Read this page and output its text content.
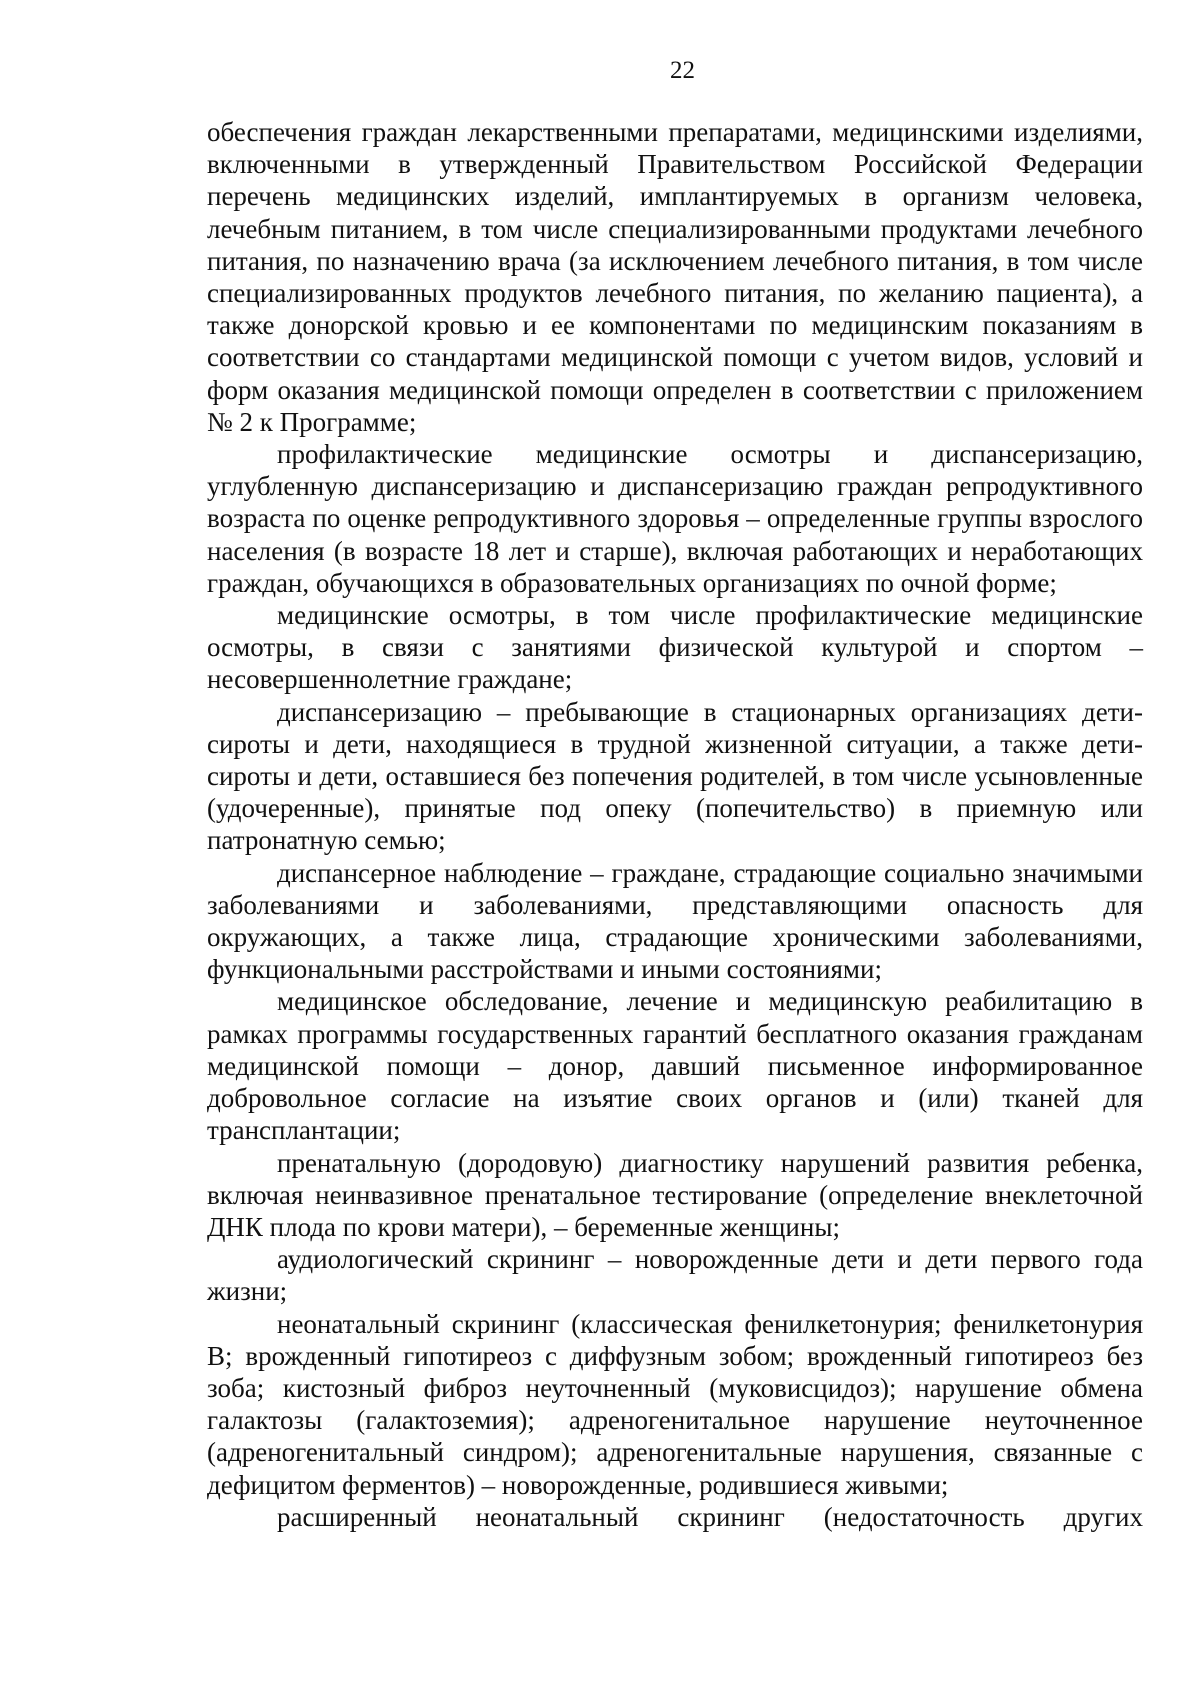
22

обеспечения граждан лекарственными препаратами, медицинскими изделиями, включенными в утвержденный Правительством Российской Федерации перечень медицинских изделий, имплантируемых в организм человека, лечебным питанием, в том числе специализированными продуктами лечебного питания, по назначению врача (за исключением лечебного питания, в том числе специализированных продуктов лечебного питания, по желанию пациента), а также донорской кровью и ее компонентами по медицинским показаниям в соответствии со стандартами медицинской помощи с учетом видов, условий и форм оказания медицинской помощи определен в соответствии с приложением № 2 к Программе;

профилактические медицинские осмотры и диспансеризацию, углубленную диспансеризацию и диспансеризацию граждан репродуктивного возраста по оценке репродуктивного здоровья – определенные группы взрослого населения (в возрасте 18 лет и старше), включая работающих и неработающих граждан, обучающихся в образовательных организациях по очной форме;

медицинские осмотры, в том числе профилактические медицинские осмотры, в связи с занятиями физической культурой и спортом – несовершеннолетние граждане;

диспансеризацию – пребывающие в стационарных организациях дети-сироты и дети, находящиеся в трудной жизненной ситуации, а также дети-сироты и дети, оставшиеся без попечения родителей, в том числе усыновленные (удочеренные), принятые под опеку (попечительство) в приемную или патронатную семью;

диспансерное наблюдение – граждане, страдающие социально значимыми заболеваниями и заболеваниями, представляющими опасность для окружающих, а также лица, страдающие хроническими заболеваниями, функциональными расстройствами и иными состояниями;

медицинское обследование, лечение и медицинскую реабилитацию в рамках программы государственных гарантий бесплатного оказания гражданам медицинской помощи – донор, давший письменное информированное добровольное согласие на изъятие своих органов и (или) тканей для трансплантации;

пренатальную (дородовую) диагностику нарушений развития ребенка, включая неинвазивное пренатальное тестирование (определение внеклеточной ДНК плода по крови матери), – беременные женщины;

аудиологический скрининг – новорожденные дети и дети первого года жизни;

неонатальный скрининг (классическая фенилкетонурия; фенилкетонурия B; врожденный гипотиреоз с диффузным зобом; врожденный гипотиреоз без зоба; кистозный фиброз неуточненный (муковисцидоз); нарушение обмена галактозы (галактоземия); адреногенитальное нарушение неуточненное (адреногенитальный синдром); адреногенитальные нарушения, связанные с дефицитом ферментов) – новорожденные, родившиеся живыми;

расширенный неонатальный скрининг (недостаточность других
